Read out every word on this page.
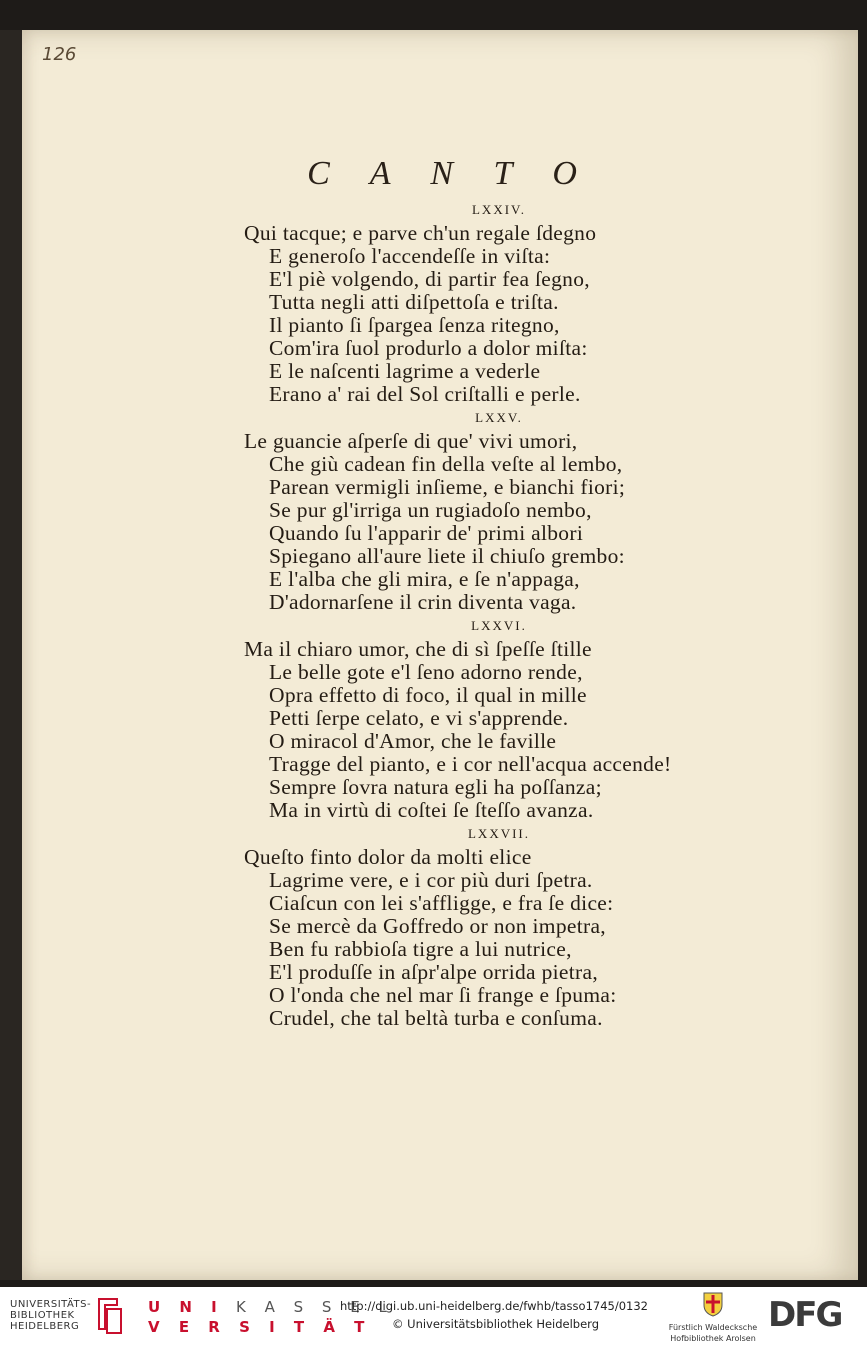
126
C A N T O
LXXIV.
Qui tacque; e parve ch'un regale ſdegno
E generoſo l'accendeſſe in viſta:
E'l piè volgendo, di partir fea ſegno,
Tutta negli atti diſpettoſa e triſta.
Il pianto ſi ſpargea ſenza ritegno,
Com'ira ſuol produrlo a dolor miſta:
E le naſcenti lagrime a vederle
Erano a' rai del Sol criſtalli e perle.
LXXV.
Le guancie aſperſe di que' vivi umori,
Che giù cadean fin della veſte al lembo,
Parean vermigli inſieme, e bianchi fiori;
Se pur gl'irriga un rugiadoſo nembo,
Quando ſu l'apparir de' primi albori
Spiegano all'aure liete il chiuſo grembo:
E l'alba che gli mira, e ſe n'appaga,
D'adornarſene il crin diventa vaga.
LXXVI.
Ma il chiaro umor, che di sì ſpeſſe ſtille
Le belle gote e'l ſeno adorno rende,
Opra effetto di foco, il qual in mille
Petti ſerpe celato, e vi s'apprende.
O miracol d'Amor, che le faville
Tragge del pianto, e i cor nell'acqua accende!
Sempre ſovra natura egli ha poſſanza;
Ma in virtù di coſtei ſe ſteſſo avanza.
LXXVII.
Queſto finto dolor da molti elice
Lagrime vere, e i cor più duri ſpetra.
Ciaſcun con lei s'affligge, e fra ſe dice:
Se mercè da Goffredo or non impetra,
Ben fu rabbioſa tigre a lui nutrice,
E'l produſſe in aſpr'alpe orrida pietra,
O l'onda che nel mar ſi frange e ſpuma:
Crudel, che tal beltà turba e conſuma.
UNIVERSITÄTS-
BIBLIOTHEK
HEIDELBERG
U N I K A S S E L
V E R S I T Ä T
http://digi.ub.uni-heidelberg.de/fwhb/tasso1745/0132
© Universitätsbibliothek Heidelberg	Fürstlich Waldecksche
Hofbibliothek Arolsen
DFG
